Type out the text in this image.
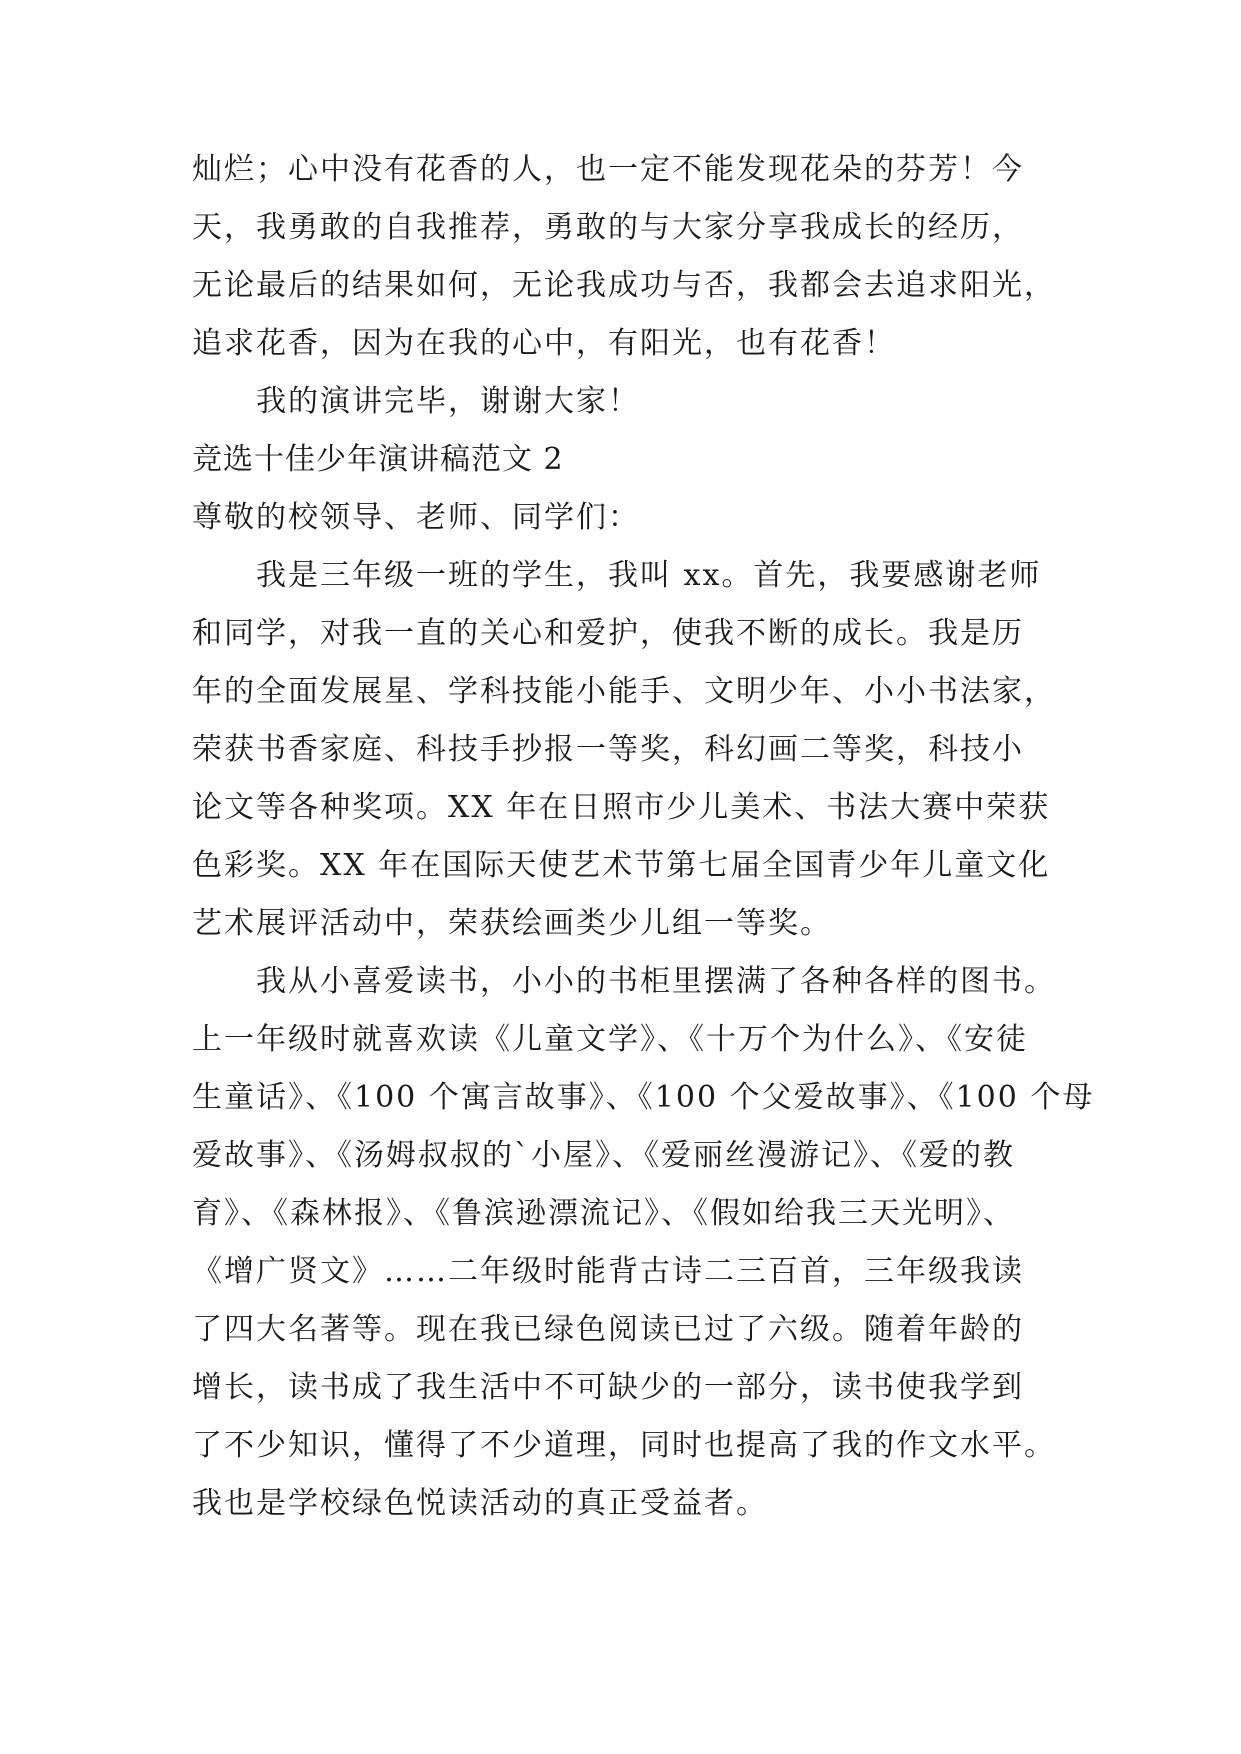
灿烂；心中没有花香的人，也一定不能发现花朵的芬芳！今
天，我勇敢的自我推荐，勇敢的与大家分享我成长的经历，
无论最后的结果如何，无论我成功与否，我都会去追求阳光，
追求花香，因为在我的心中，有阳光，也有花香！
我的演讲完毕，谢谢大家！
竞选十佳少年演讲稿范文 2
尊敬的校领导、老师、同学们：
我是三年级一班的学生，我叫 xx。首先，我要感谢老师
和同学，对我一直的关心和爱护，使我不断的成长。我是历
年的全面发展星、学科技能小能手、文明少年、小小书法家，
荣获书香家庭、科技手抄报一等奖，科幻画二等奖，科技小
论文等各种奖项。XX 年在日照市少儿美术、书法大赛中荣获
色彩奖。XX 年在国际天使艺术节第七届全国青少年儿童文化
艺术展评活动中，荣获绘画类少儿组一等奖。
我从小喜爱读书，小小的书柜里摆满了各种各样的图书。
上一年级时就喜欢读《儿童文学》、《十万个为什么》、《安徒
生童话》、《100 个寓言故事》、《100 个父爱故事》、《100 个母
爱故事》、《汤姆叔叔的`小屋》、《爱丽丝漫游记》、《爱的教
育》、《森林报》、《鲁滨逊漂流记》、《假如给我三天光明》、
《增广贤文》……二年级时能背古诗二三百首，三年级我读
了四大名著等。现在我已绿色阅读已过了六级。随着年龄的
增长，读书成了我生活中不可缺少的一部分，读书使我学到
了不少知识，懂得了不少道理，同时也提高了我的作文水平。
我也是学校绿色悦读活动的真正受益者。
